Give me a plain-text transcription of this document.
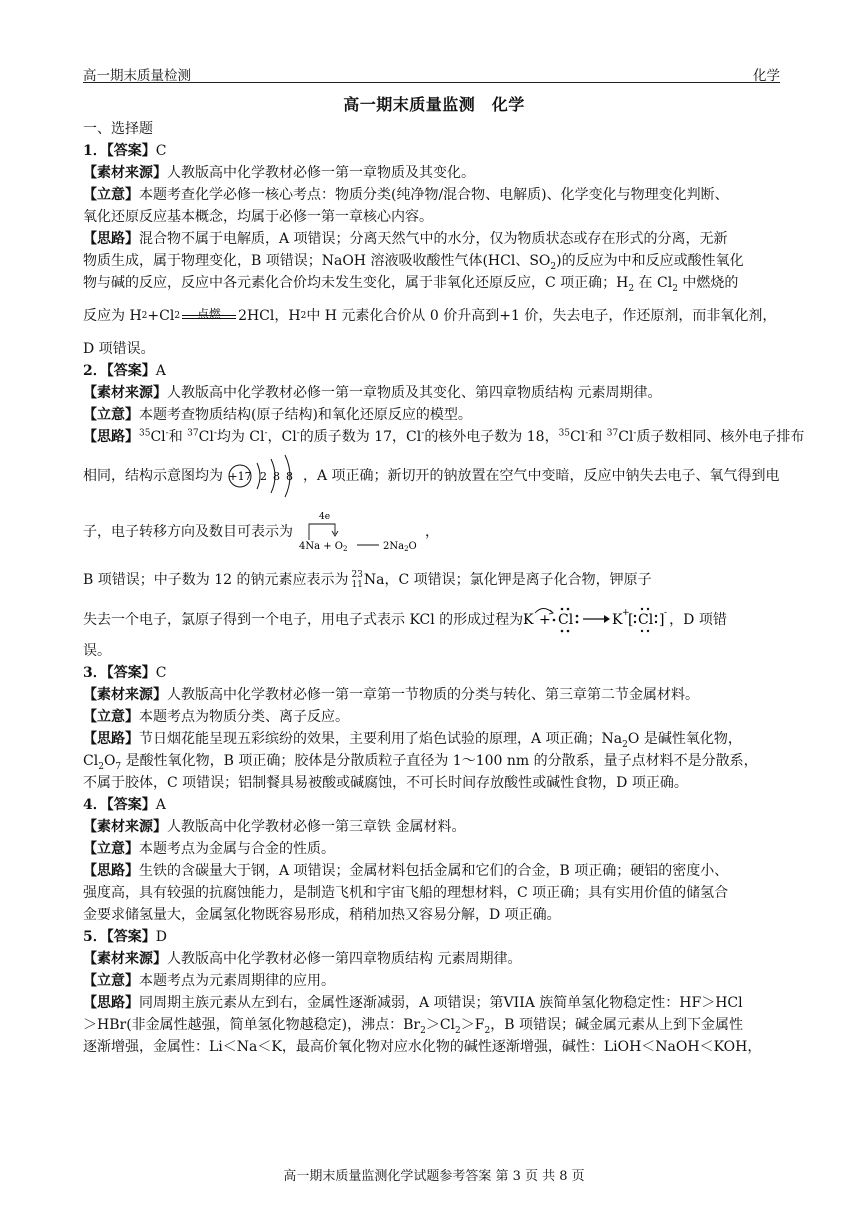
高一期末质量检测	化学
高一期末质量监测　化学
一、选择题
1．【答案】C
【素材来源】人教版高中化学教材必修一第一章物质及其变化。
【立意】本题考查化学必修一核心考点：物质分类(纯净物/混合物、电解质)、化学变化与物理变化判断、
氧化还原反应基本概念，均属于必修一第一章核心内容。
【思路】混合物不属于电解质，A 项错误；分离天然气中的水分，仅为物质状态或存在形式的分离，无新
物质生成，属于物理变化，B 项错误；NaOH 溶液吸收酸性气体(HCl、$SO_2$)的反应为中和反应或酸性氧化
物与碱的反应，反应中各元素化合价均未发生变化，属于非氧化还原反应，C 项正确；$H_2$ 在 $Cl_2$ 中燃烧的
反应为 H 2 +Cl 2	点燃	2HCl，H 2 中 H 元素化合价从 0 价升高到+1 价，失去电子，作还原剂，而非氧化剂，
D 项错误。
2．【答案】A
【素材来源】人教版高中化学教材必修一第一章物质及其变化、第四章物质结构 元素周期律。
【立意】本题考查物质结构(原子结构)和氧化还原反应的模型。
【思路】$^{35}$Cl-和 $^{37}$Cl-均为 Cl-，Cl-的质子数为 17，Cl-的核外电子数为 18，$^{35}$Cl-和 $^{37}$Cl-质子数相同、核外电子排布
相同，结构示意图均为 +17 2 8 8 ，A 项正确；新切开的钠放置在空气中变暗，反应中钠失去电子、氧气得到电
子，电子转移方向及数目可表示为
4e
$4Na + O_2$	$2Na_2O$
，
B 项错误；中子数为 12 的钠元素应表示为 23
11 Na ，C 项错误；氯化钾是离子化合物，钾原子
失去一个电子，氯原子得到一个电子，用电子式表示 KCl 的形成过程为 K + Cl	K +
[ Cl ] - ，D 项错
误。
3．【答案】C
【素材来源】人教版高中化学教材必修一第一章第一节物质的分类与转化、第三章第二节金属材料。
【立意】本题考点为物质分类、离子反应。
【思路】节日烟花能呈现五彩缤纷的效果，主要利用了焰色试验的原理，A 项正确；$Na_2O$ 是碱性氧化物，
$Cl_2O_7$ 是酸性氧化物，B 项正确；胶体是分散质粒子直径为 1～100 nm 的分散系，量子点材料不是分散系，
不属于胶体，C 项错误；铝制餐具易被酸或碱腐蚀，不可长时间存放酸性或碱性食物，D 项正确。
4．【答案】A
【素材来源】人教版高中化学教材必修一第三章铁 金属材料。
【立意】本题考点为金属与合金的性质。
【思路】生铁的含碳量大于钢，A 项错误；金属材料包括金属和它们的合金，B 项正确；硬铝的密度小、
强度高，具有较强的抗腐蚀能力，是制造飞机和宇宙飞船的理想材料，C 项正确；具有实用价值的储氢合
金要求储氢量大，金属氢化物既容易形成，稍稍加热又容易分解，D 项正确。
5．【答案】D
【素材来源】人教版高中化学教材必修一第四章物质结构 元素周期律。
【立意】本题考点为元素周期律的应用。
【思路】同周期主族元素从左到右，金属性逐渐减弱，A 项错误；第VIIA 族简单氢化物稳定性：HF＞HCl
＞HBr(非金属性越强，简单氢化物越稳定)，沸点：$Br_2>Cl_2>F_2$，B 项错误；碱金属元素从上到下金属性
逐渐增强，金属性：Li＜Na＜K，最高价氧化物对应水化物的碱性逐渐增强，碱性：LiOH＜NaOH＜KOH，
高一期末质量监测化学试题参考答案 第 3 页 共 8 页
